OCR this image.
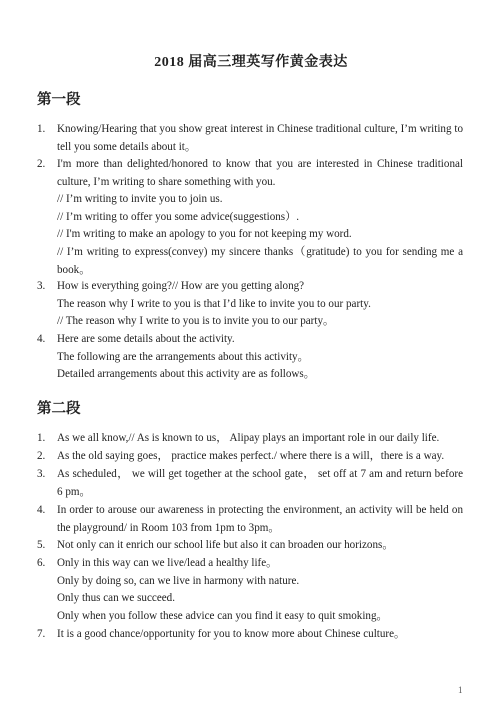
2018 届高三理英写作黄金表达
第一段
1.	Knowing/Hearing that you show great interest in Chinese traditional culture, I’m writing to tell you some details about it。

2.	I'm more than delighted/honored to know that you are interested in Chinese traditional culture, I’m writing to share something with you.

// I’m writing to invite you to join us.

// I’m writing to offer you some advice(suggestions）.

// I'm writing to make an apology to you for not keeping my word.

// I’m writing to express(convey) my sincere thanks（gratitude) to you for sending me a book。

3.	How is everything going?// How are you getting along?

The reason why I write to you is that I’d like to invite you to our party.

// The reason why I write to you is to invite you to our party。

4.	Here are some details about the activity.

The following are the arrangements about this activity。

Detailed arrangements about this activity are as follows。

第二段
1.	As we all know,// As is known to us， Alipay plays an important role in our daily life.

2.	As the old saying goes， practice makes perfect./ where there is a will，there is a way.

3.	As scheduled， we will get together at the school gate， set off at 7 am and return before 6 pm。

4.	In order to arouse our awareness in protecting the environment, an activity will be held on the playground/ in Room 103 from 1pm to 3pm。

5.	Not only can it enrich our school life but also it can broaden our horizons。

6.	Only in this way can we live/lead a healthy life。

Only by doing so, can we live in harmony with nature.

Only thus can we succeed.

Only when you follow these advice can you find it easy to quit smoking。

7.	It is a good chance/opportunity for you to know more about Chinese culture。

1
